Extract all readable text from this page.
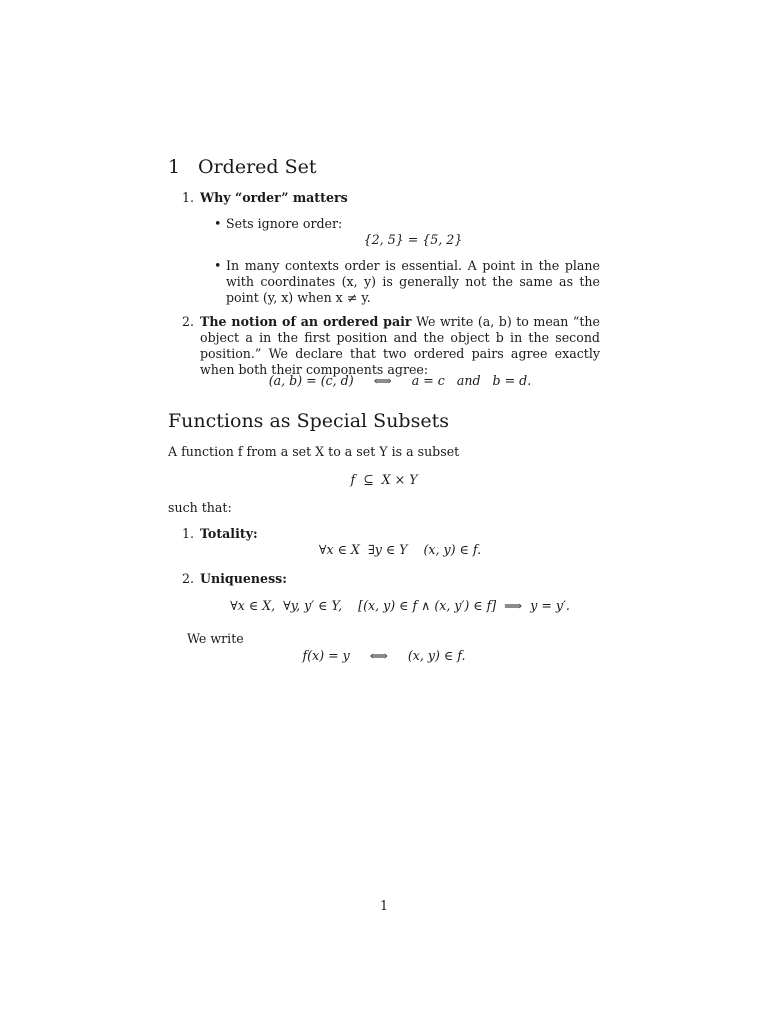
1 Ordered Set
1. Why “order” matters
• Sets ignore order:
{2, 5} = {5, 2}
• In many contexts order is essential. A point in the plane with coordinates (x, y) is generally not the same as the point (y, x) when x ≠ y.
2. The notion of an ordered pair We write (a, b) to mean “the object a in the first position and the object b in the second position.” We declare that two ordered pairs agree exactly when both their components agree:
(a, b) = (c, d)     ⟺     a = c   and   b = d.
Functions as Special Subsets
A function f from a set X to a set Y is a subset
f  ⊆  X × Y
such that:
1. Totality:
∀x ∈ X  ∃y ∈ Y    (x, y) ∈ f.
2. Uniqueness:
∀x ∈ X,  ∀y, y′ ∈ Y,    [(x, y) ∈ f ∧ (x, y′) ∈ f]  ⟹  y = y′.
We write
f(x) = y     ⟺     (x, y) ∈ f.
1
